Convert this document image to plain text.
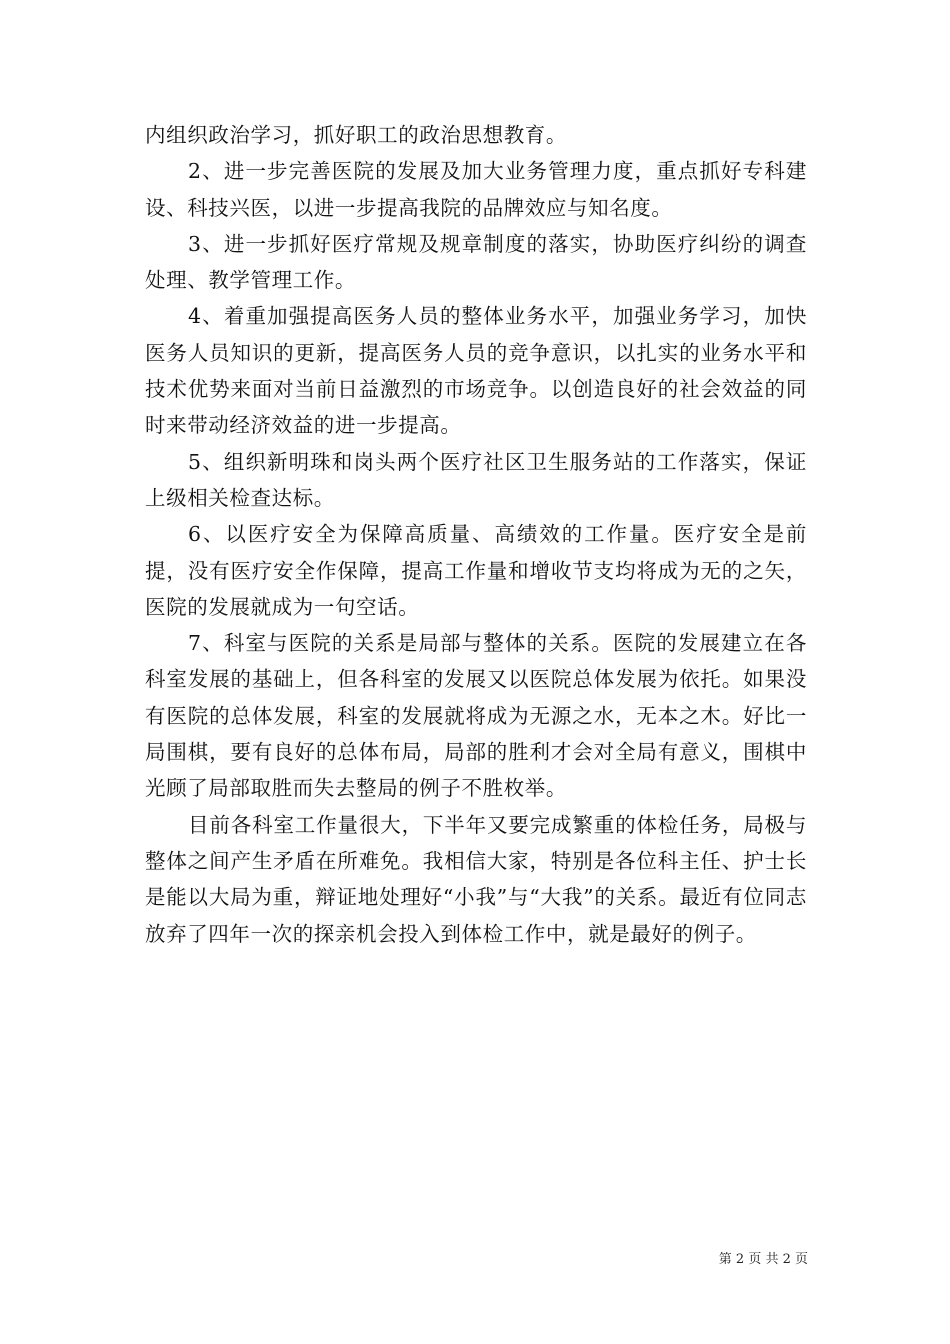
内组织政治学习，抓好职工的政治思想教育。

2、进一步完善医院的发展及加大业务管理力度，重点抓好专科建设、科技兴医，以进一步提高我院的品牌效应与知名度。

3、进一步抓好医疗常规及规章制度的落实，协助医疗纠纷的调查处理、教学管理工作。

4、着重加强提高医务人员的整体业务水平，加强业务学习，加快医务人员知识的更新，提高医务人员的竞争意识，以扎实的业务水平和技术优势来面对当前日益激烈的市场竞争。以创造良好的社会效益的同时来带动经济效益的进一步提高。

5、组织新明珠和岗头两个医疗社区卫生服务站的工作落实，保证上级相关检查达标。

6、以医疗安全为保障高质量、高绩效的工作量。医疗安全是前提，没有医疗安全作保障，提高工作量和增收节支均将成为无的之矢，医院的发展就成为一句空话。

7、科室与医院的关系是局部与整体的关系。医院的发展建立在各科室发展的基础上，但各科室的发展又以医院总体发展为依托。如果没有医院的总体发展，科室的发展就将成为无源之水，无本之木。好比一局围棋，要有良好的总体布局，局部的胜利才会对全局有意义，围棋中光顾了局部取胜而失去整局的例子不胜枚举。

目前各科室工作量很大，下半年又要完成繁重的体检任务，局极与整体之间产生矛盾在所难免。我相信大家，特别是各位科主任、护士长是能以大局为重，辩证地处理好“小我”与“大我”的关系。最近有位同志放弃了四年一次的探亲机会投入到体检工作中，就是最好的例子。

第 2 页 共 2 页
